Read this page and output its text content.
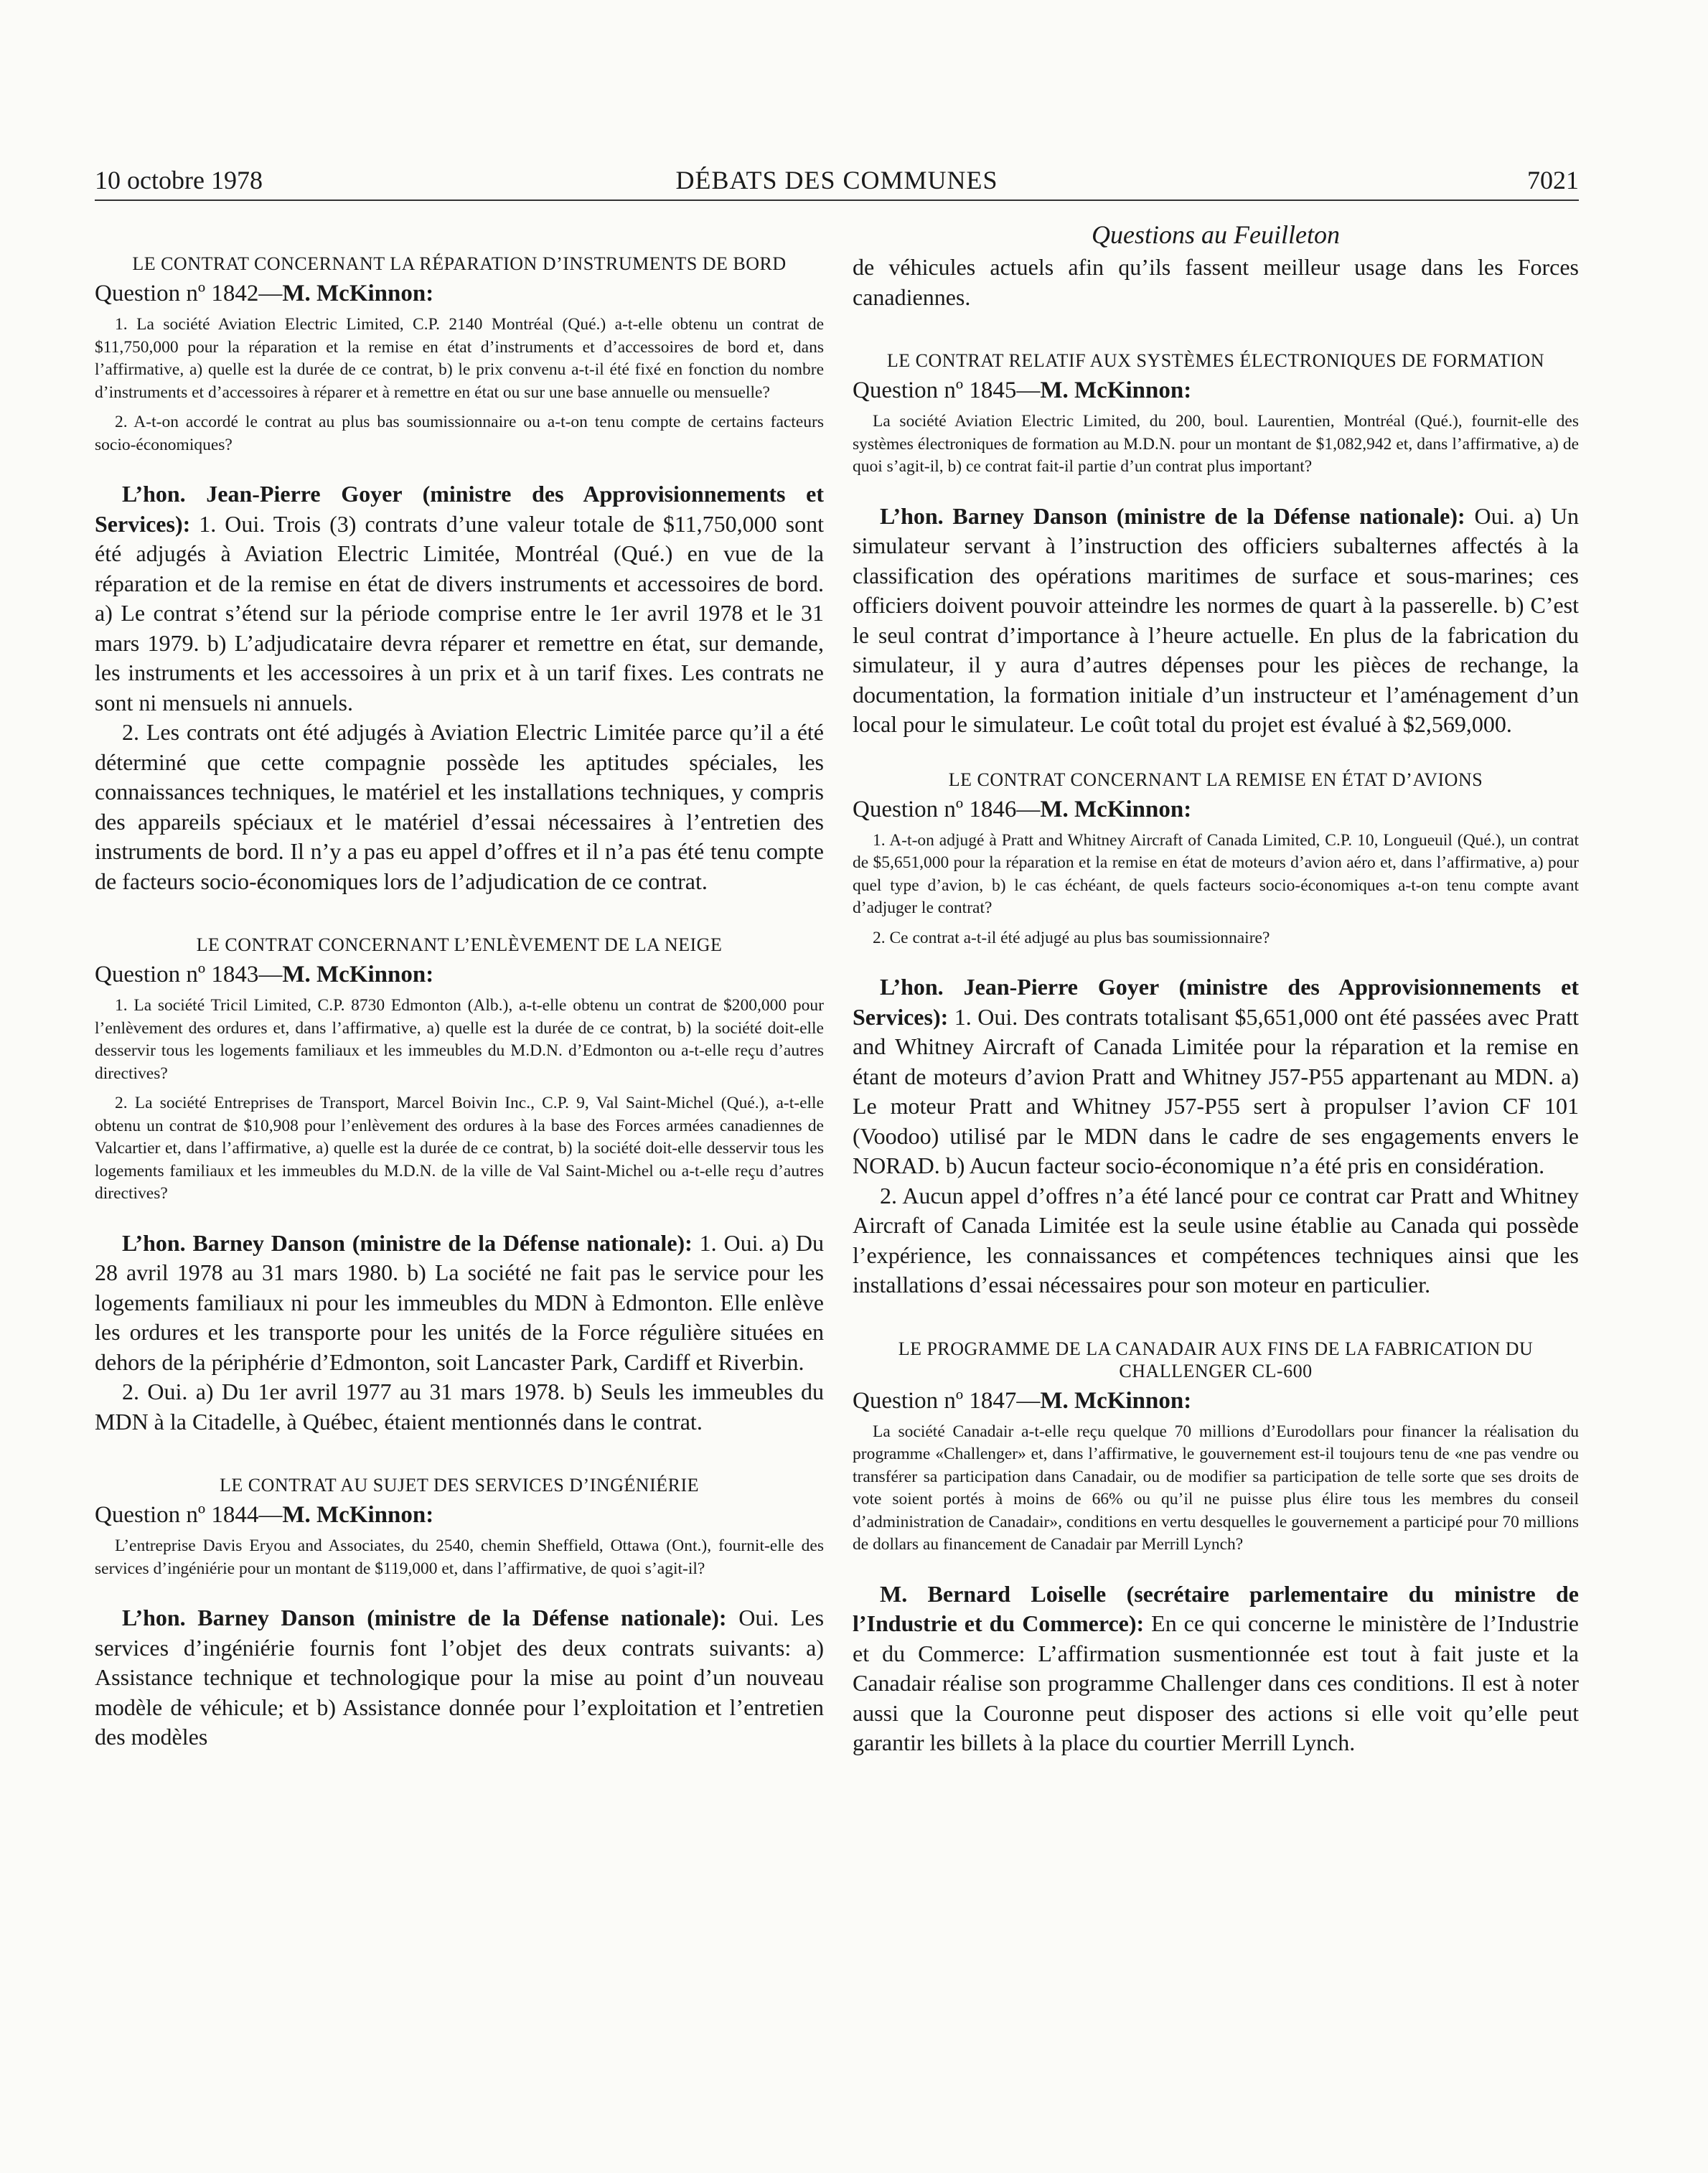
10 octobre 1978	DÉBATS DES COMMUNES	7021
Questions au Feuilleton
LE CONTRAT CONCERNANT LA RÉPARATION D’INSTRUMENTS DE BORD

Question nº 1842—M. McKinnon:

1. La société Aviation Electric Limited, C.P. 2140 Montréal (Qué.) a-t-elle obtenu un contrat de $11,750,000 pour la réparation et la remise en état d’instruments et d’accessoires de bord et, dans l’affirmative, a) quelle est la durée de ce contrat, b) le prix convenu a-t-il été fixé en fonction du nombre d’instruments et d’accessoires à réparer et à remettre en état ou sur une base annuelle ou mensuelle?

2. A-t-on accordé le contrat au plus bas soumissionnaire ou a-t-on tenu compte de certains facteurs socio-économiques?

L’hon. Jean-Pierre Goyer (ministre des Approvisionnements et Services): 1. Oui. Trois (3) contrats d’une valeur totale de $11,750,000 sont été adjugés à Aviation Electric Limitée, Montréal (Qué.) en vue de la réparation et de la remise en état de divers instruments et accessoires de bord. a) Le contrat s’étend sur la période comprise entre le 1er avril 1978 et le 31 mars 1979. b) L’adjudicataire devra réparer et remettre en état, sur demande, les instruments et les accessoires à un prix et à un tarif fixes. Les contrats ne sont ni mensuels ni annuels.

2. Les contrats ont été adjugés à Aviation Electric Limitée parce qu’il a été déterminé que cette compagnie possède les aptitudes spéciales, les connaissances techniques, le matériel et les installations techniques, y compris des appareils spéciaux et le matériel d’essai nécessaires à l’entretien des instruments de bord. Il n’y a pas eu appel d’offres et il n’a pas été tenu compte de facteurs socio-économiques lors de l’adjudication de ce contrat.

LE CONTRAT CONCERNANT L’ENLÈVEMENT DE LA NEIGE

Question nº 1843—M. McKinnon:

1. La société Tricil Limited, C.P. 8730 Edmonton (Alb.), a-t-elle obtenu un contrat de $200,000 pour l’enlèvement des ordures et, dans l’affirmative, a) quelle est la durée de ce contrat, b) la société doit-elle desservir tous les logements familiaux et les immeubles du M.D.N. d’Edmonton ou a-t-elle reçu d’autres directives?

2. La société Entreprises de Transport, Marcel Boivin Inc., C.P. 9, Val Saint-Michel (Qué.), a-t-elle obtenu un contrat de $10,908 pour l’enlèvement des ordures à la base des Forces armées canadiennes de Valcartier et, dans l’affirmative, a) quelle est la durée de ce contrat, b) la société doit-elle desservir tous les logements familiaux et les immeubles du M.D.N. de la ville de Val Saint-Michel ou a-t-elle reçu d’autres directives?

L’hon. Barney Danson (ministre de la Défense nationale): 1. Oui. a) Du 28 avril 1978 au 31 mars 1980. b) La société ne fait pas le service pour les logements familiaux ni pour les immeubles du MDN à Edmonton. Elle enlève les ordures et les transporte pour les unités de la Force régulière situées en dehors de la périphérie d’Edmonton, soit Lancaster Park, Cardiff et Riverbin.

2. Oui. a) Du 1er avril 1977 au 31 mars 1978. b) Seuls les immeubles du MDN à la Citadelle, à Québec, étaient mentionnés dans le contrat.

LE CONTRAT AU SUJET DES SERVICES D’INGÉNIÉRIE

Question nº 1844—M. McKinnon:

L’entreprise Davis Eryou and Associates, du 2540, chemin Sheffield, Ottawa (Ont.), fournit-elle des services d’ingéniérie pour un montant de $119,000 et, dans l’affirmative, de quoi s’agit-il?

L’hon. Barney Danson (ministre de la Défense nationale): Oui. Les services d’ingéniérie fournis font l’objet des deux contrats suivants: a) Assistance technique et technologique pour la mise au point d’un nouveau modèle de véhicule; et b) Assistance donnée pour l’exploitation et l’entretien des modèles

de véhicules actuels afin qu’ils fassent meilleur usage dans les Forces canadiennes.

LE CONTRAT RELATIF AUX SYSTÈMES ÉLECTRONIQUES DE FORMATION

Question nº 1845—M. McKinnon:

La société Aviation Electric Limited, du 200, boul. Laurentien, Montréal (Qué.), fournit-elle des systèmes électroniques de formation au M.D.N. pour un montant de $1,082,942 et, dans l’affirmative, a) de quoi s’agit-il, b) ce contrat fait-il partie d’un contrat plus important?

L’hon. Barney Danson (ministre de la Défense nationale): Oui. a) Un simulateur servant à l’instruction des officiers subalternes affectés à la classification des opérations maritimes de surface et sous-marines; ces officiers doivent pouvoir atteindre les normes de quart à la passerelle. b) C’est le seul contrat d’importance à l’heure actuelle. En plus de la fabrication du simulateur, il y aura d’autres dépenses pour les pièces de rechange, la documentation, la formation initiale d’un instructeur et l’aménagement d’un local pour le simulateur. Le coût total du projet est évalué à $2,569,000.

LE CONTRAT CONCERNANT LA REMISE EN ÉTAT D’AVIONS

Question nº 1846—M. McKinnon:

1. A-t-on adjugé à Pratt and Whitney Aircraft of Canada Limited, C.P. 10, Longueuil (Qué.), un contrat de $5,651,000 pour la réparation et la remise en état de moteurs d’avion aéro et, dans l’affirmative, a) pour quel type d’avion, b) le cas échéant, de quels facteurs socio-économiques a-t-on tenu compte avant d’adjuger le contrat?

2. Ce contrat a-t-il été adjugé au plus bas soumissionnaire?

L’hon. Jean-Pierre Goyer (ministre des Approvisionnements et Services): 1. Oui. Des contrats totalisant $5,651,000 ont été passées avec Pratt and Whitney Aircraft of Canada Limitée pour la réparation et la remise en étant de moteurs d’avion Pratt and Whitney J57-P55 appartenant au MDN. a) Le moteur Pratt and Whitney J57-P55 sert à propulser l’avion CF 101 (Voodoo) utilisé par le MDN dans le cadre de ses engagements envers le NORAD. b) Aucun facteur socio-économique n’a été pris en considération.

2. Aucun appel d’offres n’a été lancé pour ce contrat car Pratt and Whitney Aircraft of Canada Limitée est la seule usine établie au Canada qui possède l’expérience, les connaissances et compétences techniques ainsi que les installations d’essai nécessaires pour son moteur en particulier.

LE PROGRAMME DE LA CANADAIR AUX FINS DE LA FABRICATION DU CHALLENGER CL-600

Question nº 1847—M. McKinnon:

La société Canadair a-t-elle reçu quelque 70 millions d’Eurodollars pour financer la réalisation du programme «Challenger» et, dans l’affirmative, le gouvernement est-il toujours tenu de «ne pas vendre ou transférer sa participation dans Canadair, ou de modifier sa participation de telle sorte que ses droits de vote soient portés à moins de 66% ou qu’il ne puisse plus élire tous les membres du conseil d’administration de Canadair», conditions en vertu desquelles le gouvernement a participé pour 70 millions de dollars au financement de Canadair par Merrill Lynch?

M. Bernard Loiselle (secrétaire parlementaire du ministre de l’Industrie et du Commerce): En ce qui concerne le ministère de l’Industrie et du Commerce: L’affirmation susmentionnée est tout à fait juste et la Canadair réalise son programme Challenger dans ces conditions. Il est à noter aussi que la Couronne peut disposer des actions si elle voit qu’elle peut garantir les billets à la place du courtier Merrill Lynch.
